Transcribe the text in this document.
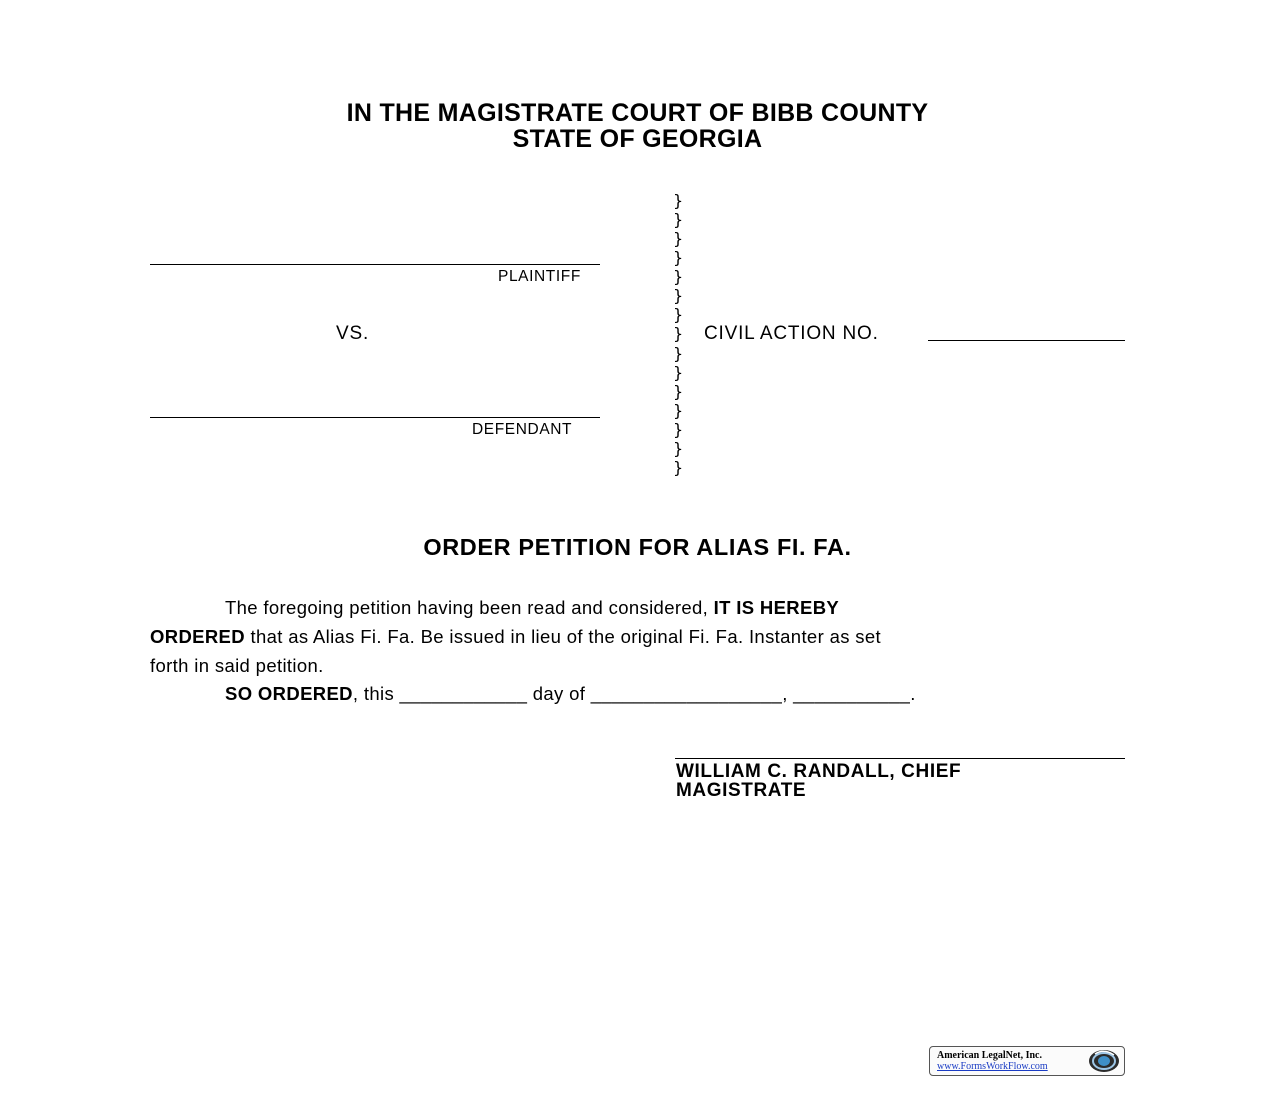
IN THE MAGISTRATE COURT OF BIBB COUNTY
STATE OF GEORGIA
PLAINTIFF
VS.
DEFENDANT
}
}
}
}
}
}
}
}
}
}
}
}
}
}
}
CIVIL ACTION NO.
ORDER PETITION FOR ALIAS FI. FA.
The foregoing petition having been read and considered, IT IS HEREBY
ORDERED that as Alias Fi. Fa. Be issued in lieu of the original Fi. Fa. Instanter as set
forth in said petition.
SO ORDERED, this ____________ day of __________________, ___________.
WILLIAM C. RANDALL, CHIEF
MAGISTRATE
American LegalNet, Inc.
www.FormsWorkFlow.com
